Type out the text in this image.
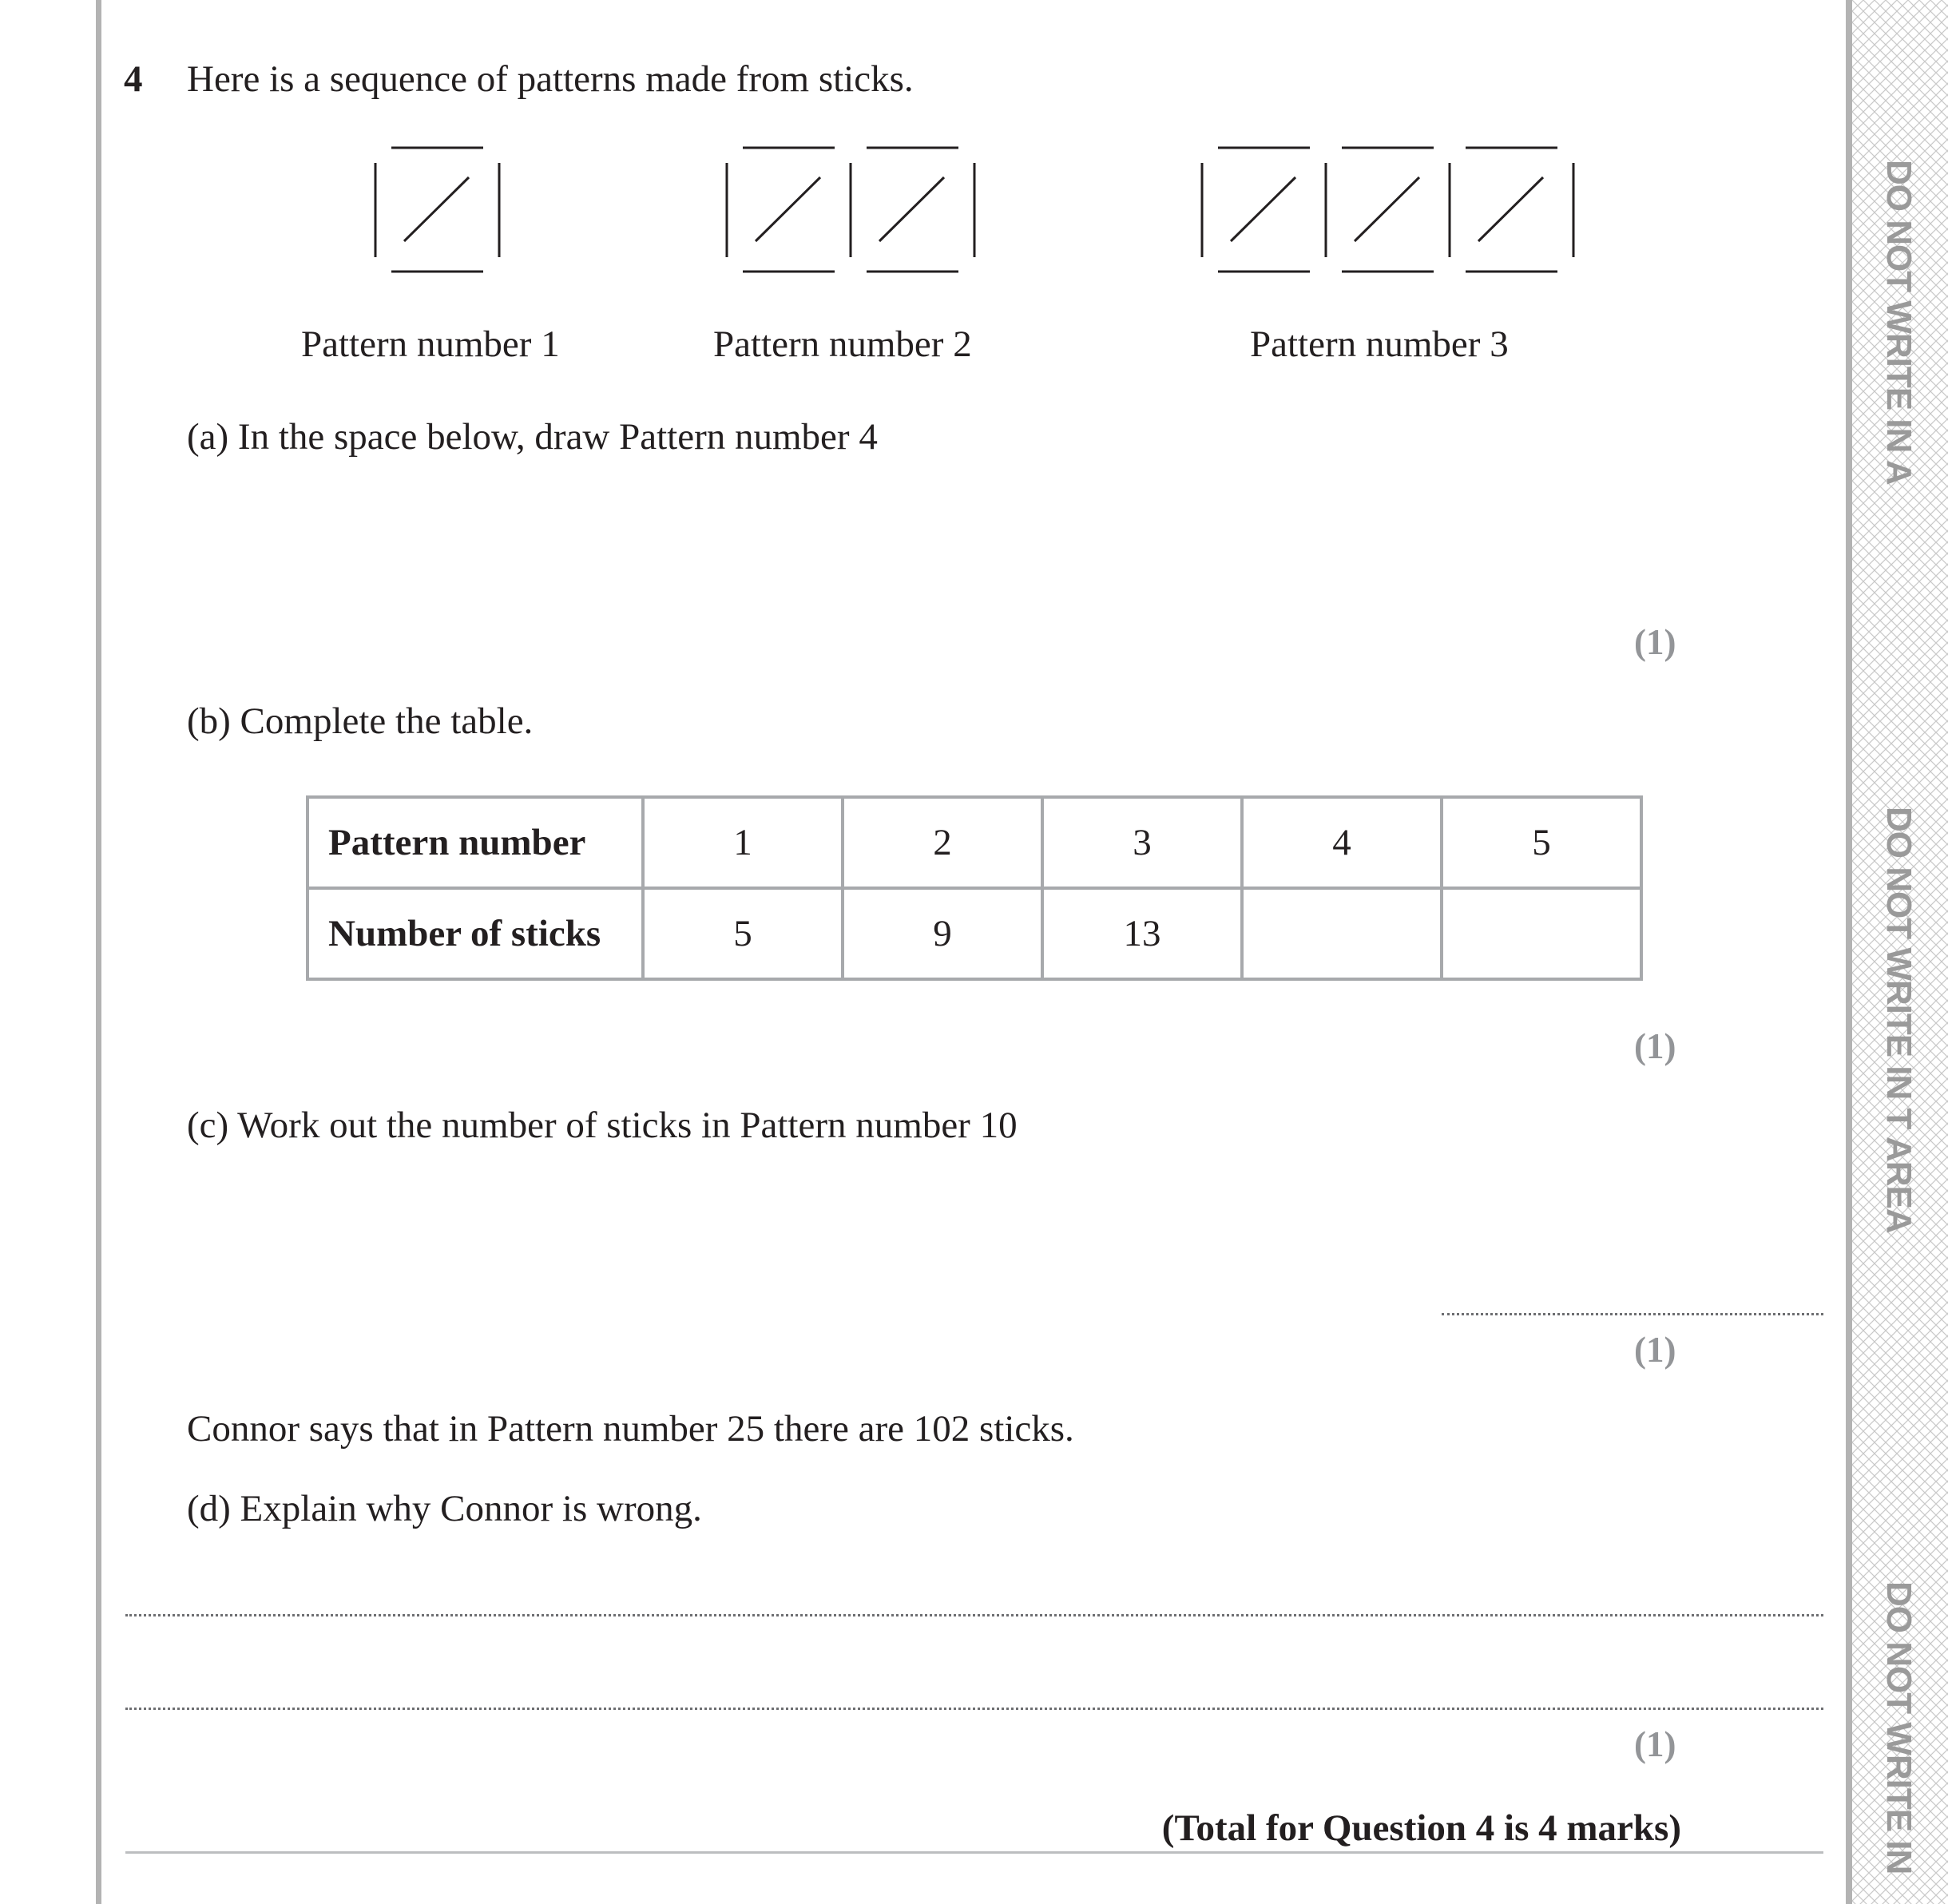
DO NOT WRITE IN A
DO NOT WRITE IN T AREA
DO NOT WRITE IN
4 Here is a sequence of patterns made from sticks.
Pattern number 1	Pattern number 2	Pattern number 3
(a) In the space below, draw Pattern number 4
(1)
(b) Complete the table.
Pattern number	1	2	3	4	5
Number of sticks	5	9	13		
(1)
(c) Work out the number of sticks in Pattern number 10
(1)
Connor says that in Pattern number 25 there are 102 sticks.
(d) Explain why Connor is wrong.
(1)
(Total for Question 4 is 4 marks)
